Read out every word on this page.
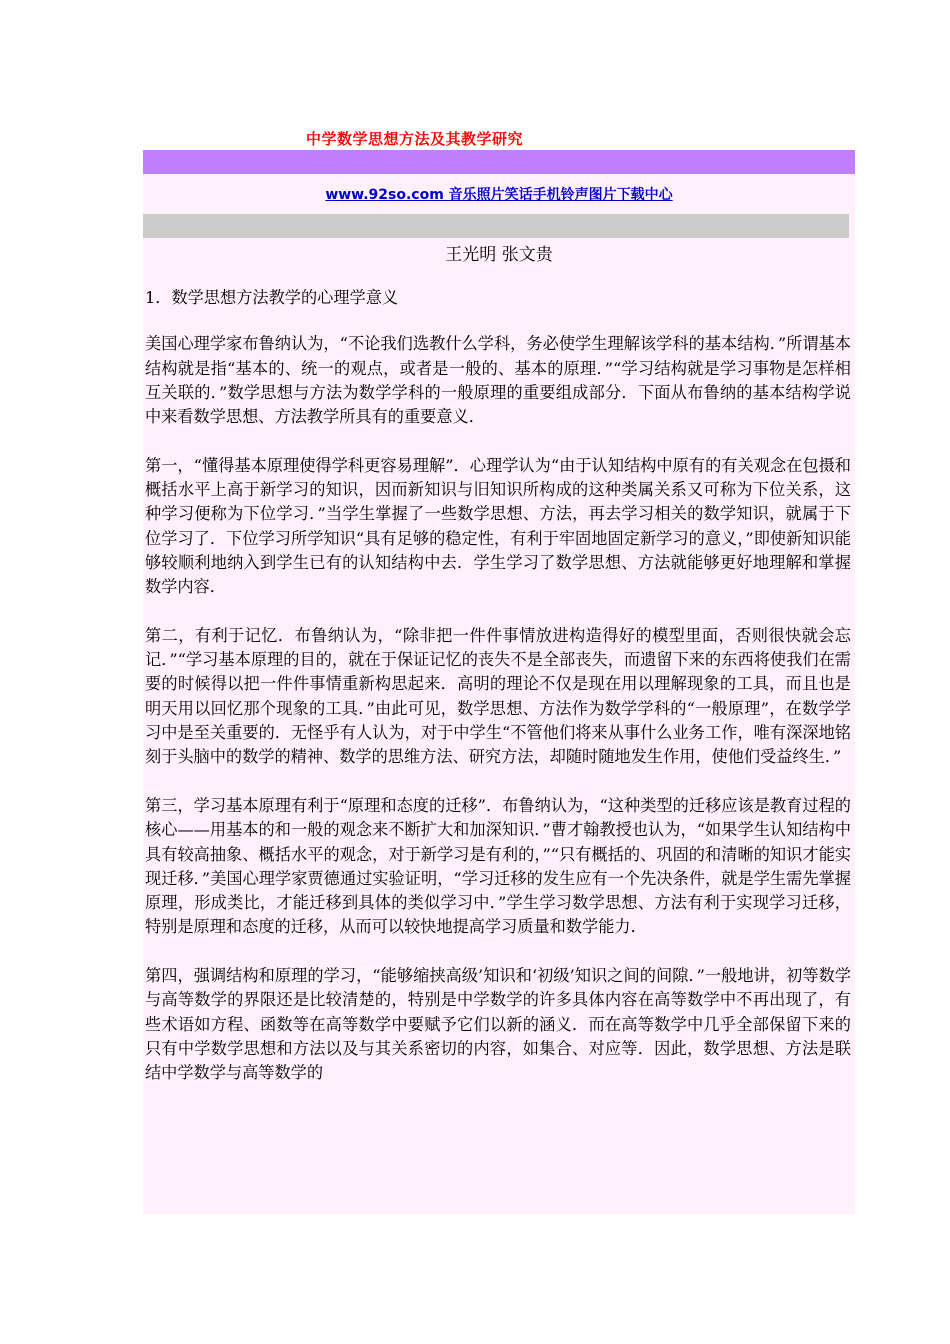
中学数学思想方法及其教学研究
www.92so.com 音乐照片笑话手机铃声图片下载中心
王光明 张文贵

1．数学思想方法教学的心理学意义

美国心理学家布鲁纳认为，“不论我们选教什么学科，务必使学生理解该学科的基本结构．”所谓基本结构就是指“基本的、统一的观点，或者是一般的、基本的原理．”“学习结构就是学习事物是怎样相互关联的．”数学思想与方法为数学学科的一般原理的重要组成部分．下面从布鲁纳的基本结构学说中来看数学思想、方法教学所具有的重要意义．

第一，“懂得基本原理使得学科更容易理解”．心理学认为“由于认知结构中原有的有关观念在包摄和概括水平上高于新学习的知识，因而新知识与旧知识所构成的这种类属关系又可称为下位关系，这种学习便称为下位学习．”当学生掌握了一些数学思想、方法，再去学习相关的数学知识，就属于下位学习了．下位学习所学知识“具有足够的稳定性，有利于牢固地固定新学习的意义，”即使新知识能够较顺利地纳入到学生已有的认知结构中去．学生学习了数学思想、方法就能够更好地理解和掌握数学内容．

第二，有利于记忆．布鲁纳认为，“除非把一件件事情放进构造得好的模型里面，否则很快就会忘记．”“学习基本原理的目的，就在于保证记忆的丧失不是全部丧失，而遗留下来的东西将使我们在需要的时候得以把一件件事情重新构思起来．高明的理论不仅是现在用以理解现象的工具，而且也是明天用以回忆那个现象的工具．”由此可见，数学思想、方法作为数学学科的“一般原理”，在数学学习中是至关重要的．无怪乎有人认为，对于中学生“不管他们将来从事什么业务工作，唯有深深地铭刻于头脑中的数学的精神、数学的思维方法、研究方法，却随时随地发生作用，使他们受益终生．”

第三，学习基本原理有利于“原理和态度的迁移”．布鲁纳认为，“这种类型的迁移应该是教育过程的核心——用基本的和一般的观念来不断扩大和加深知识．”曹才翰教授也认为，“如果学生认知结构中具有较高抽象、概括水平的观念，对于新学习是有利的，”“只有概括的、巩固的和清晰的知识才能实现迁移．”美国心理学家贾德通过实验证明，“学习迁移的发生应有一个先决条件，就是学生需先掌握原理，形成类比，才能迁移到具体的类似学习中．”学生学习数学思想、方法有利于实现学习迁移，特别是原理和态度的迁移，从而可以较快地提高学习质量和数学能力．

第四，强调结构和原理的学习，“能够缩挟高级’知识和‘初级’知识之间的间隙．”一般地讲，初等数学与高等数学的界限还是比较清楚的，特别是中学数学的许多具体内容在高等数学中不再出现了，有些术语如方程、函数等在高等数学中要赋予它们以新的涵义．而在高等数学中几乎全部保留下来的只有中学数学思想和方法以及与其关系密切的内容，如集合、对应等．因此，数学思想、方法是联结中学数学与高等数学的
